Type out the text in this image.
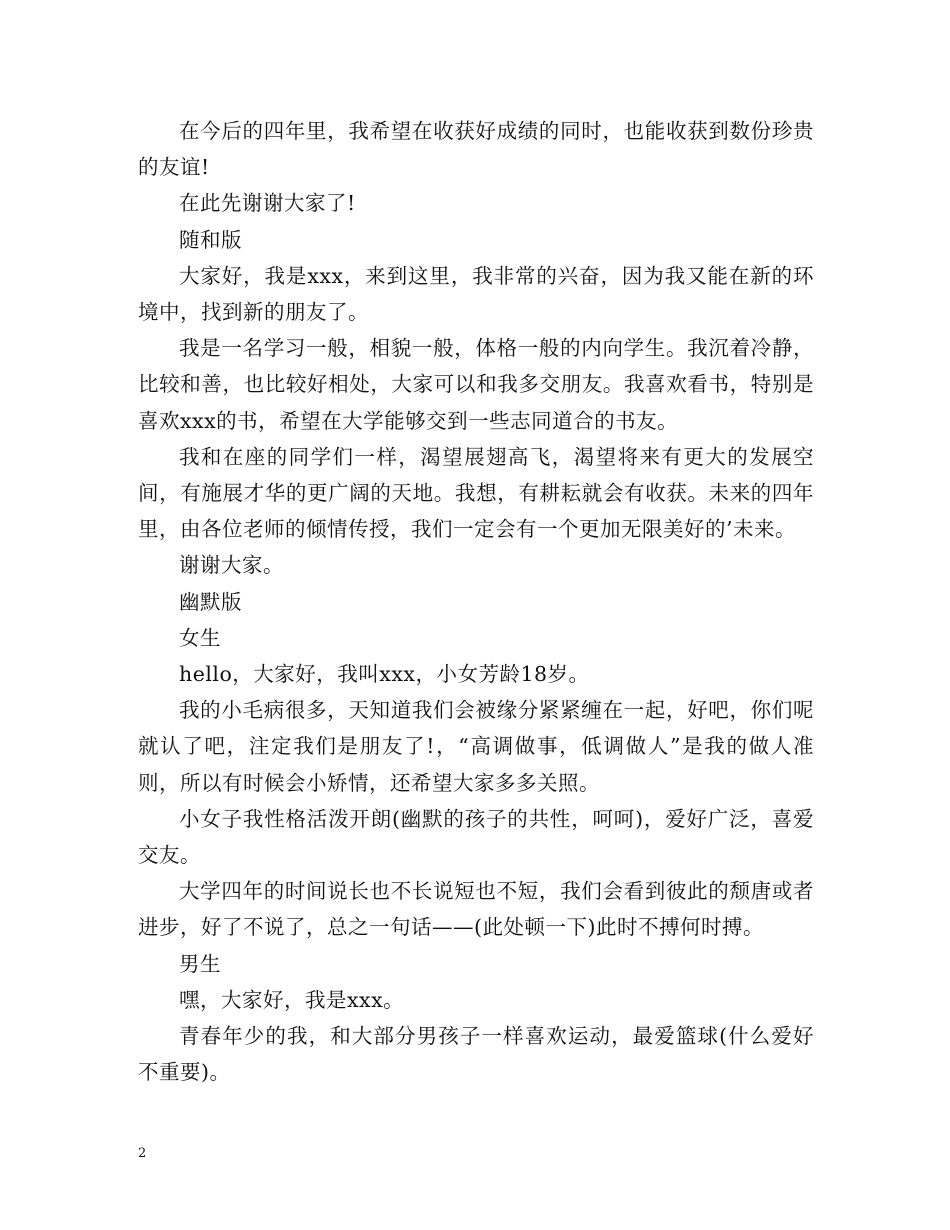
在今后的四年里，我希望在收获好成绩的同时，也能收获到数份珍贵的友谊!

在此先谢谢大家了!

随和版

大家好，我是xxx，来到这里，我非常的兴奋，因为我又能在新的环境中，找到新的朋友了。

我是一名学习一般，相貌一般，体格一般的内向学生。我沉着冷静，比较和善，也比较好相处，大家可以和我多交朋友。我喜欢看书，特别是喜欢xxx的书，希望在大学能够交到一些志同道合的书友。

我和在座的同学们一样，渴望展翅高飞，渴望将来有更大的发展空间，有施展才华的更广阔的天地。我想，有耕耘就会有收获。未来的四年里，由各位老师的倾情传授，我们一定会有一个更加无限美好的’未来。

谢谢大家。

幽默版

女生

hello，大家好，我叫xxx，小女芳龄18岁。

我的小毛病很多，天知道我们会被缘分紧紧缠在一起，好吧，你们呢就认了吧，注定我们是朋友了!，“高调做事，低调做人”是我的做人准则，所以有时候会小矫情，还希望大家多多关照。

小女子我性格活泼开朗(幽默的孩子的共性，呵呵)，爱好广泛，喜爱交友。

大学四年的时间说长也不长说短也不短，我们会看到彼此的颓唐或者进步，好了不说了，总之一句话——(此处顿一下)此时不搏何时搏。

男生

嘿，大家好，我是xxx。

青春年少的我，和大部分男孩子一样喜欢运动，最爱篮球(什么爱好不重要)。

2
